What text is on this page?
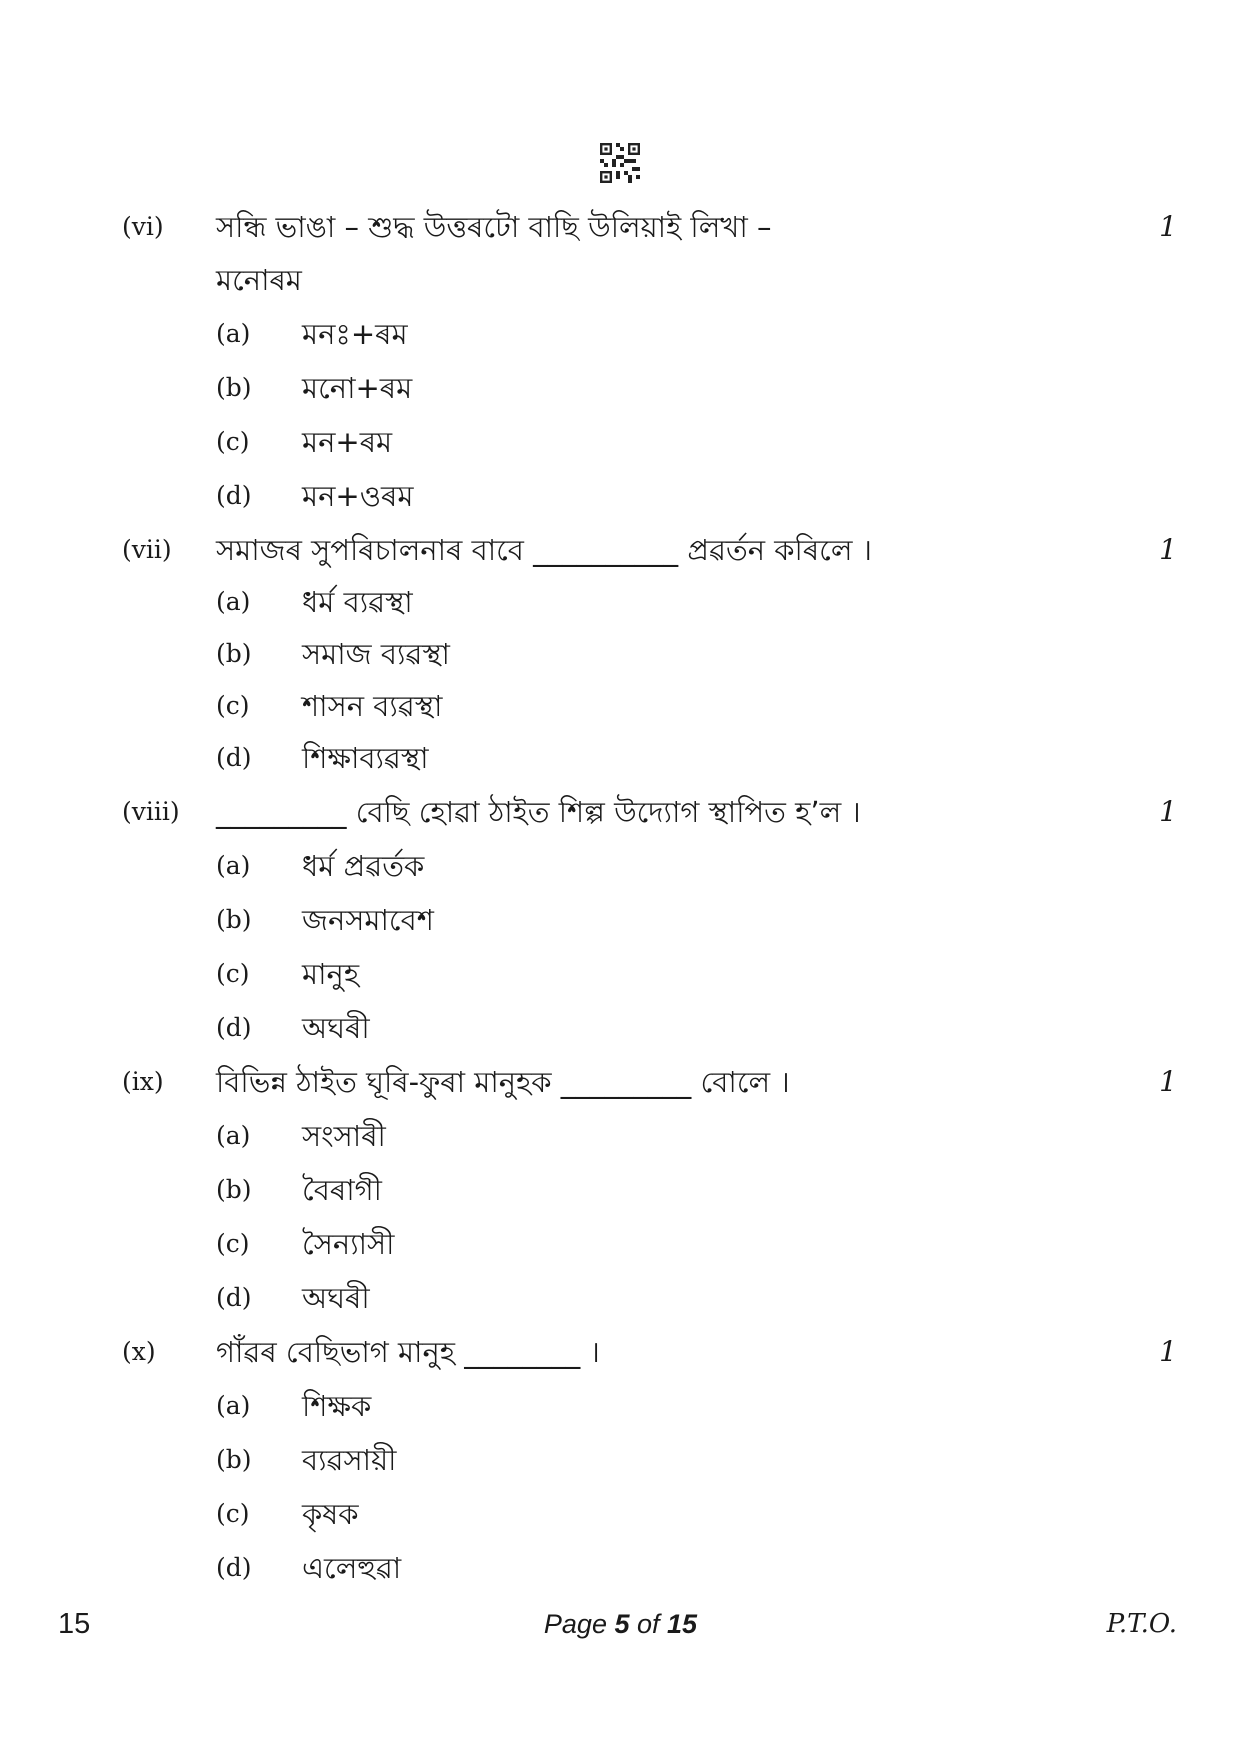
(vi) সন্ধি ভাঙা – শুদ্ধ উত্তৰটো বাছি উলিয়াই লিখা –	1
মনোৰম
(a) মনঃ+ৰম
(b) মনো+ৰম
(c) মন+ৰম
(d) মন+ওৰম
(vii) সমাজৰ সুপৰিচালনাৰ বাবে __________ প্ৰৱৰ্তন কৰিলে ।	1
(a) ধৰ্ম ব্যৱস্থা
(b) সমাজ ব্যৱস্থা
(c) শাসন ব্যৱস্থা
(d) শিক্ষাব্যৱস্থা
(viii) _________ বেছি হোৱা ঠাইত শিল্প উদ্যোগ স্থাপিত হ’ল ।	1
(a) ধৰ্ম প্ৰৱৰ্তক
(b) জনসমাবেশ
(c) মানুহ
(d) অঘৰী
(ix) বিভিন্ন ঠাইত ঘূৰি-ফুৰা মানুহক _________ বোলে ।	1
(a) সংসাৰী
(b) বৈৰাগী
(c) সৈন্যাসী
(d) অঘৰী
(x) গাঁৱৰ বেছিভাগ মানুহ ________ ।	1
(a) শিক্ষক
(b) ব্যৱসায়ী
(c) কৃষক
(d) এলেহুৱা
15	Page 5 of 15	P.T.O.
